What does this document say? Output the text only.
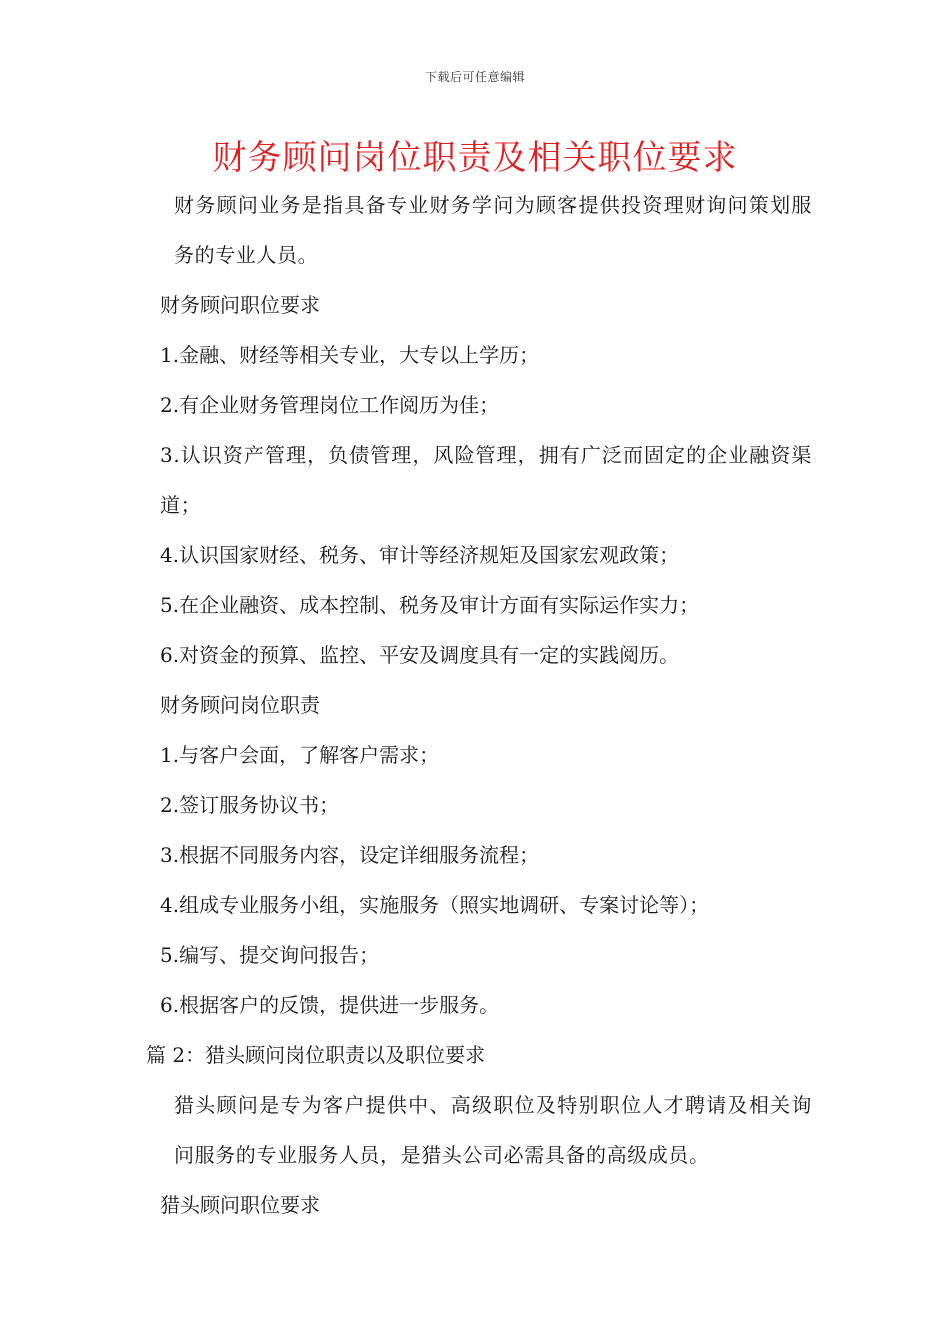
下载后可任意编辑
财务顾问岗位职责及相关职位要求

财务顾问业务是指具备专业财务学问为顾客提供投资理财询问策划服务的专业人员。

财务顾问职位要求

1.金融、财经等相关专业，大专以上学历；

2.有企业财务管理岗位工作阅历为佳；

3.认识资产管理，负债管理，风险管理，拥有广泛而固定的企业融资渠道；

4.认识国家财经、税务、审计等经济规矩及国家宏观政策；

5.在企业融资、成本控制、税务及审计方面有实际运作实力；

6.对资金的预算、监控、平安及调度具有一定的实践阅历。

财务顾问岗位职责

1.与客户会面，了解客户需求；

2.签订服务协议书；

3.根据不同服务内容，设定详细服务流程；

4.组成专业服务小组，实施服务（照实地调研、专案讨论等）；

5.编写、提交询问报告；

6.根据客户的反馈，提供进一步服务。

篇 2：猎头顾问岗位职责以及职位要求

猎头顾问是专为客户提供中、高级职位及特别职位人才聘请及相关询问服务的专业服务人员，是猎头公司必需具备的高级成员。

猎头顾问职位要求
